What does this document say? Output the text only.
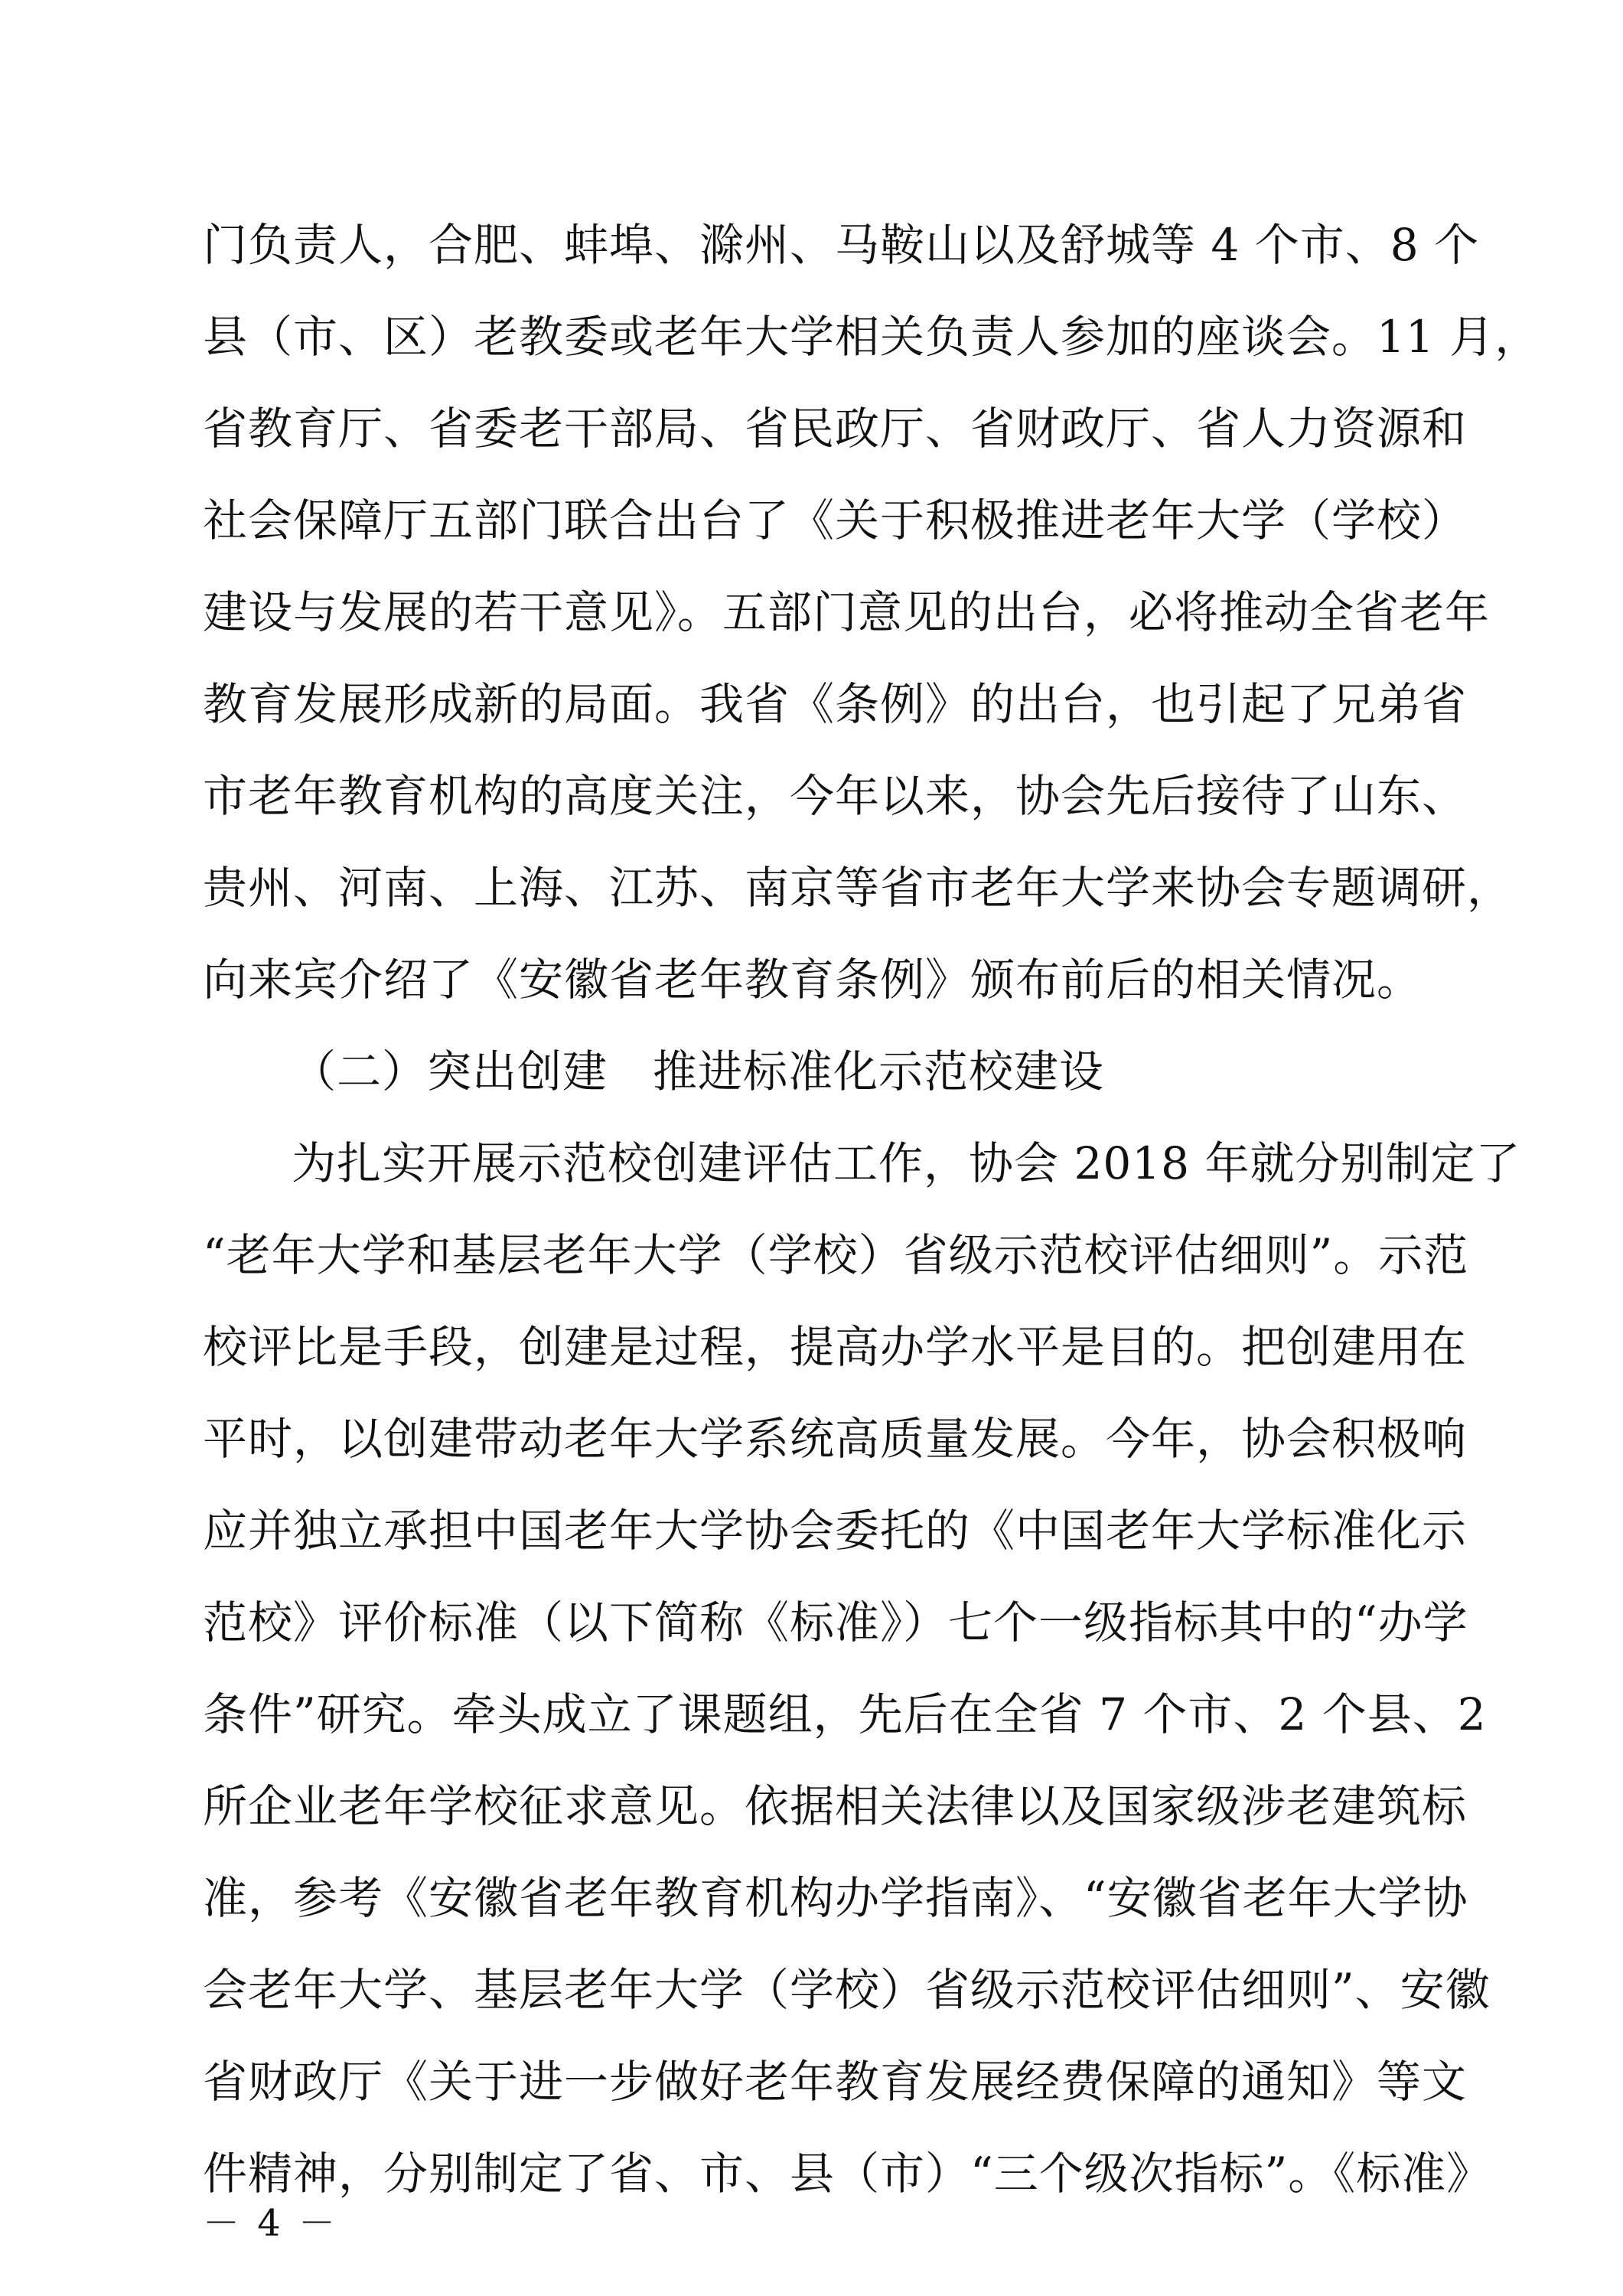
门负责人，合肥、蚌埠、滁州、马鞍山以及舒城等 4 个市、8 个
县（市、区）老教委或老年大学相关负责人参加的座谈会。11 月，
省教育厅、省委老干部局、省民政厅、省财政厅、省人力资源和
社会保障厅五部门联合出台了《关于积极推进老年大学（学校）
建设与发展的若干意见》。五部门意见的出台，必将推动全省老年
教育发展形成新的局面。我省《条例》的出台，也引起了兄弟省
市老年教育机构的高度关注，今年以来，协会先后接待了山东、
贵州、河南、上海、江苏、南京等省市老年大学来协会专题调研，
向来宾介绍了《安徽省老年教育条例》颁布前后的相关情况。
（二）突出创建　推进标准化示范校建设
为扎实开展示范校创建评估工作，协会 2018 年就分别制定了
“老年大学和基层老年大学（学校）省级示范校评估细则”。示范
校评比是手段，创建是过程，提高办学水平是目的。把创建用在
平时，以创建带动老年大学系统高质量发展。今年，协会积极响
应并独立承担中国老年大学协会委托的《中国老年大学标准化示
范校》评价标准（以下简称《标准》）七个一级指标其中的“办学
条件”研究。牵头成立了课题组，先后在全省 7 个市、2 个县、2
所企业老年学校征求意见。依据相关法律以及国家级涉老建筑标
准，参考《安徽省老年教育机构办学指南》、“安徽省老年大学协
会老年大学、基层老年大学（学校）省级示范校评估细则”、安徽
省财政厅《关于进一步做好老年教育发展经费保障的通知》等文
件精神，分别制定了省、市、县（市）“三个级次指标”。《标准》
－ 4 －
